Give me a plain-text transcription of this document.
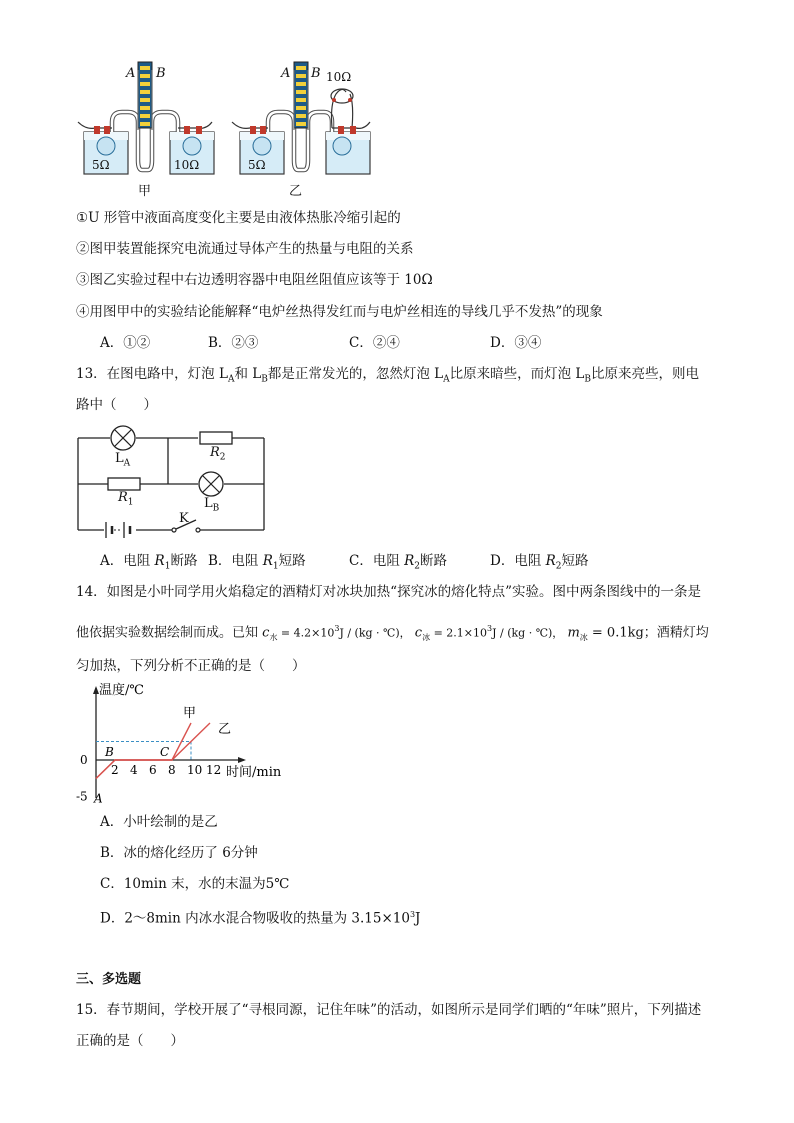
A B	A B
5Ω	10Ω	5Ω
10Ω
甲	乙
①U 形管中液面高度变化主要是由液体热胀冷缩引起的
②图甲装置能探究电流通过导体产生的热量与电阻的关系
③图乙实验过程中右边透明容器中电阻丝阻值应该等于 10Ω
④用图甲中的实验结论能解释“电炉丝热得发红而与电炉丝相连的导线几乎不发热”的现象
A．①②	B．②③	C．②④	D．③④
13．在图电路中，灯泡 $L_A$和 $L_B$都是正常发光的，忽然灯泡 $L_A$比原来暗些，而灯泡 $L_B$比原来亮些，则电
路中（　　）
$L_A$
$R_2$
$R_1$	$L_B$
K
A．电阻 $R_1$断路 B．电阻 $R_1$短路	C．电阻 $R_2$断路	D．电阻 $R_2$短路
14．如图是小叶同学用火焰稳定的酒精灯对冰块加热“探究冰的熔化特点”实验。图中两条图线中的一条是
他依据实验数据绘制而成。已知 $c_水 = 4.2\times 10^3J / (kg$ · ℃)， $c_冰 = 2.1\times 10^3J / (kg$ · ℃)， $m_冰 = 0.1kg$；酒精灯均
匀加热，下列分析不正确的是（　　）
温度/℃
时间/min
0
-5
2 4 6 8 10 12
甲
乙
A
B	C
A．小叶绘制的是乙
B．冰的熔化经历了 6分钟
C．10min 末，水的末温为5℃
D．2～8min 内冰水混合物吸收的热量为 $3.15\times 10^3J$
三、多选题
15．春节期间，学校开展了“寻根同源，记住年味”的活动，如图所示是同学们晒的“年味”照片，下列描述
正确的是（　　）
